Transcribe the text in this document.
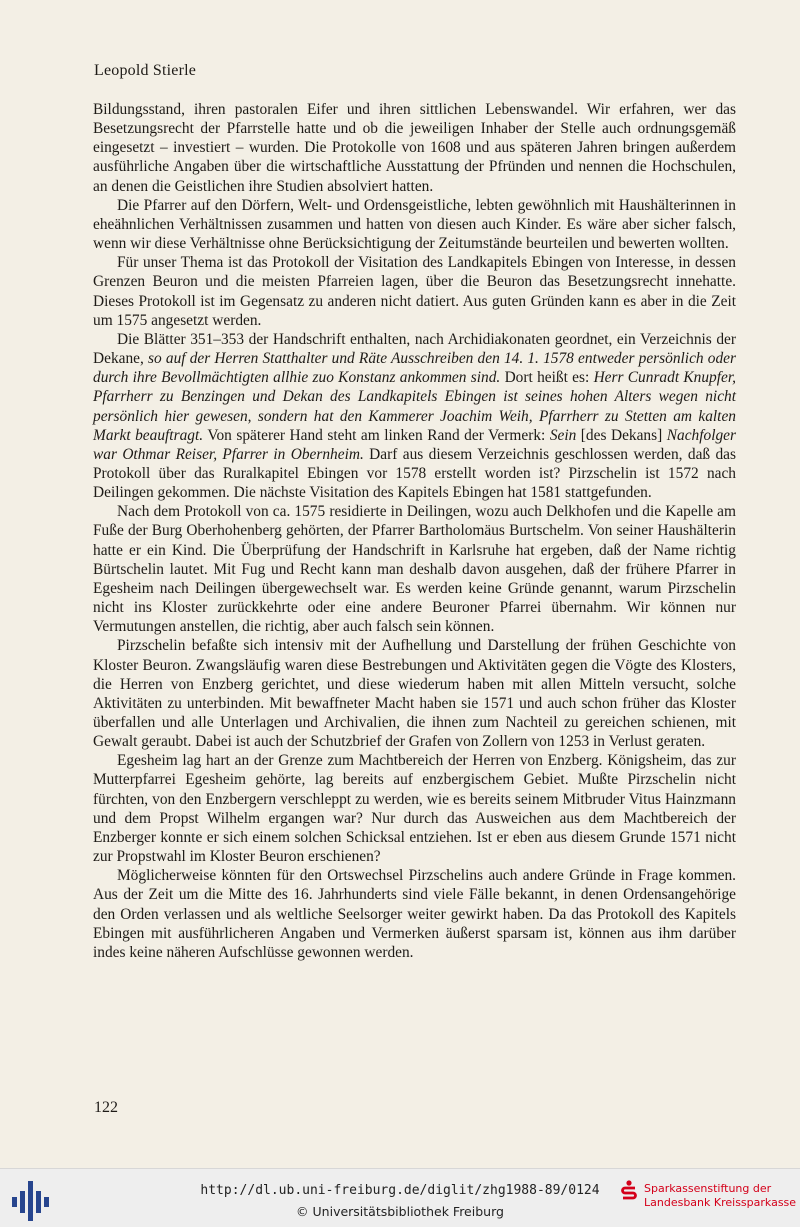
Leopold Stierle

Bildungsstand, ihren pastoralen Eifer und ihren sittlichen Lebenswandel. Wir erfahren, wer das Besetzungsrecht der Pfarrstelle hatte und ob die jeweiligen Inhaber der Stelle auch ordnungsgemäß eingesetzt – investiert – wurden. Die Protokolle von 1608 und aus späteren Jahren bringen außerdem ausführliche Angaben über die wirtschaftliche Ausstattung der Pfründen und nennen die Hochschulen, an denen die Geistlichen ihre Studien absolviert hatten.

Die Pfarrer auf den Dörfern, Welt- und Ordensgeistliche, lebten gewöhnlich mit Haushälterinnen in eheähnlichen Verhältnissen zusammen und hatten von diesen auch Kinder. Es wäre aber sicher falsch, wenn wir diese Verhältnisse ohne Berücksichtigung der Zeitumstände beurteilen und bewerten wollten.

Für unser Thema ist das Protokoll der Visitation des Landkapitels Ebingen von Interesse, in dessen Grenzen Beuron und die meisten Pfarreien lagen, über die Beuron das Besetzungsrecht innehatte. Dieses Protokoll ist im Gegensatz zu anderen nicht datiert. Aus guten Gründen kann es aber in die Zeit um 1575 angesetzt werden.

Die Blätter 351–353 der Handschrift enthalten, nach Archidiakonaten geordnet, ein Verzeichnis der Dekane, so auf der Herren Statthalter und Räte Ausschreiben den 14. 1. 1578 entweder persönlich oder durch ihre Bevollmächtigten allhie zuo Konstanz ankommen sind. Dort heißt es: Herr Cunradt Knupfer, Pfarrherr zu Benzingen und Dekan des Landkapitels Ebingen ist seines hohen Alters wegen nicht persönlich hier gewesen, sondern hat den Kammerer Joachim Weih, Pfarrherr zu Stetten am kalten Markt beauftragt. Von späterer Hand steht am linken Rand der Vermerk: Sein [des Dekans] Nachfolger war Othmar Reiser, Pfarrer in Obernheim. Darf aus diesem Verzeichnis geschlossen werden, daß das Protokoll über das Ruralkapitel Ebingen vor 1578 erstellt worden ist? Pirzschelin ist 1572 nach Deilingen gekommen. Die nächste Visitation des Kapitels Ebingen hat 1581 stattgefunden.

Nach dem Protokoll von ca. 1575 residierte in Deilingen, wozu auch Delkhofen und die Kapelle am Fuße der Burg Oberhohenberg gehörten, der Pfarrer Bartholomäus Burtschelm. Von seiner Haushälterin hatte er ein Kind. Die Überprüfung der Handschrift in Karlsruhe hat ergeben, daß der Name richtig Bürtschelin lautet. Mit Fug und Recht kann man deshalb davon ausgehen, daß der frühere Pfarrer in Egesheim nach Deilingen übergewechselt war. Es werden keine Gründe genannt, warum Pirzschelin nicht ins Kloster zurückkehrte oder eine andere Beuroner Pfarrei übernahm. Wir können nur Vermutungen anstellen, die richtig, aber auch falsch sein können.

Pirzschelin befaßte sich intensiv mit der Aufhellung und Darstellung der frühen Geschichte von Kloster Beuron. Zwangsläufig waren diese Bestrebungen und Aktivitäten gegen die Vögte des Klosters, die Herren von Enzberg gerichtet, und diese wiederum haben mit allen Mitteln versucht, solche Aktivitäten zu unterbinden. Mit bewaffneter Macht haben sie 1571 und auch schon früher das Kloster überfallen und alle Unterlagen und Archivalien, die ihnen zum Nachteil zu gereichen schienen, mit Gewalt geraubt. Dabei ist auch der Schutzbrief der Grafen von Zollern von 1253 in Verlust geraten.

Egesheim lag hart an der Grenze zum Machtbereich der Herren von Enzberg. Königsheim, das zur Mutterpfarrei Egesheim gehörte, lag bereits auf enzbergischem Gebiet. Mußte Pirzschelin nicht fürchten, von den Enzbergern verschleppt zu werden, wie es bereits seinem Mitbruder Vitus Hainzmann und dem Propst Wilhelm ergangen war? Nur durch das Ausweichen aus dem Machtbereich der Enzberger konnte er sich einem solchen Schicksal entziehen. Ist er eben aus diesem Grunde 1571 nicht zur Propstwahl im Kloster Beuron erschienen?

Möglicherweise könnten für den Ortswechsel Pirzschelins auch andere Gründe in Frage kommen. Aus der Zeit um die Mitte des 16. Jahrhunderts sind viele Fälle bekannt, in denen Ordensangehörige den Orden verlassen und als weltliche Seelsorger weiter gewirkt haben. Da das Protokoll des Kapitels Ebingen mit ausführlicheren Angaben und Vermerken äußerst sparsam ist, können aus ihm darüber indes keine näheren Aufschlüsse gewonnen werden.

122
http://dl.ub.uni-freiburg.de/diglit/zhg1988-89/0124
© Universitätsbibliothek Freiburg
Sparkassenstiftung der
Landesbank Kreissparkasse
